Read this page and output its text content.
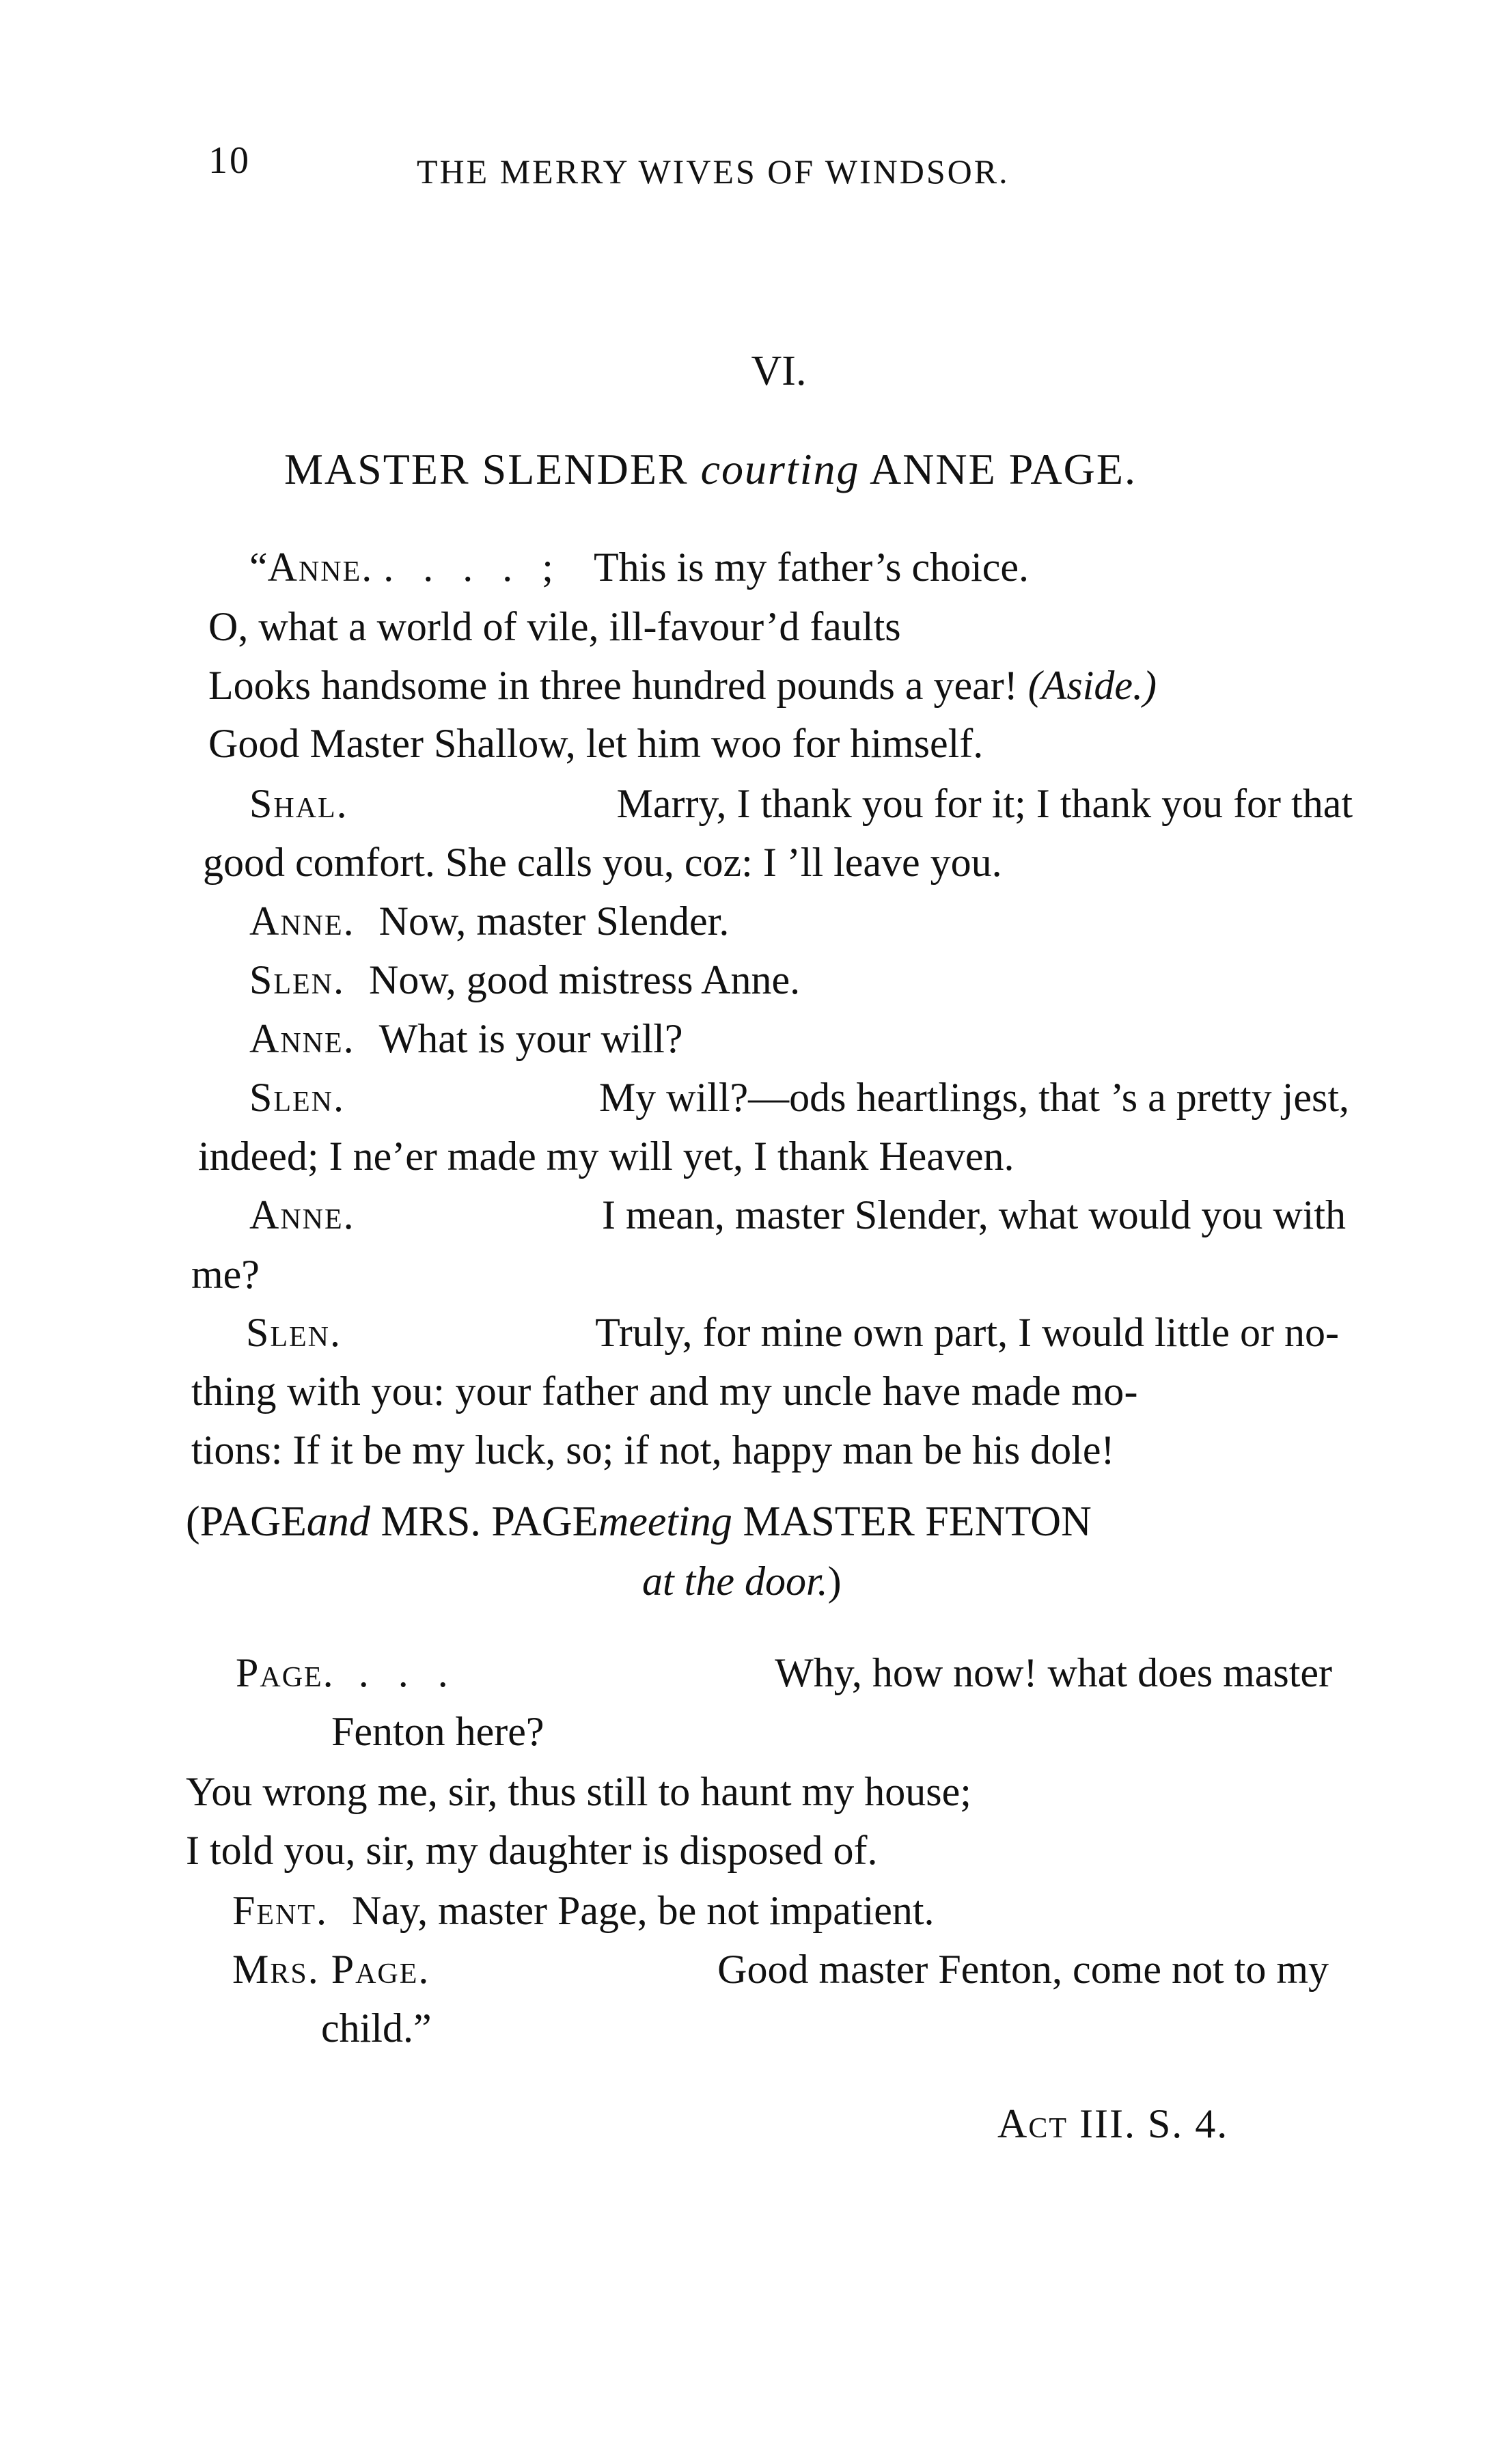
10	THE MERRY WIVES OF WINDSOR.
VI.
MASTER SLENDER courting ANNE PAGE.
“Anne. . . . . ; This is my father’s choice.
O, what a world of vile, ill-favour’d faults
Looks handsome in three hundred pounds a year! (Aside.)
Good Master Shallow, let him woo for himself.
Shal.	Marry, I thank you for it; I thank you for that
good comfort. She calls you, coz: I ’ll leave you.
Anne. Now, master Slender.
Slen. Now, good mistress Anne.
Anne. What is your will?
Slen.	My will?—ods heartlings, that ’s a pretty jest,
indeed; I ne’er made my will yet, I thank Heaven.
Anne.	I mean, master Slender, what would you with
me?
Slen.	Truly, for mine own part, I would little or no-
thing with you: your father and my uncle have made mo-
tions: If it be my luck, so; if not, happy man be his dole!
(PAGEand MRS. PAGEmeeting MASTER FENTON
at the door.)
Page. . . .	Why, how now! what does master
Fenton here?
You wrong me, sir, thus still to haunt my house;
I told you, sir, my daughter is disposed of.
Fent. Nay, master Page, be not impatient.
Mrs. Page.	Good master Fenton, come not to my
child.”
Act III. S. 4.
